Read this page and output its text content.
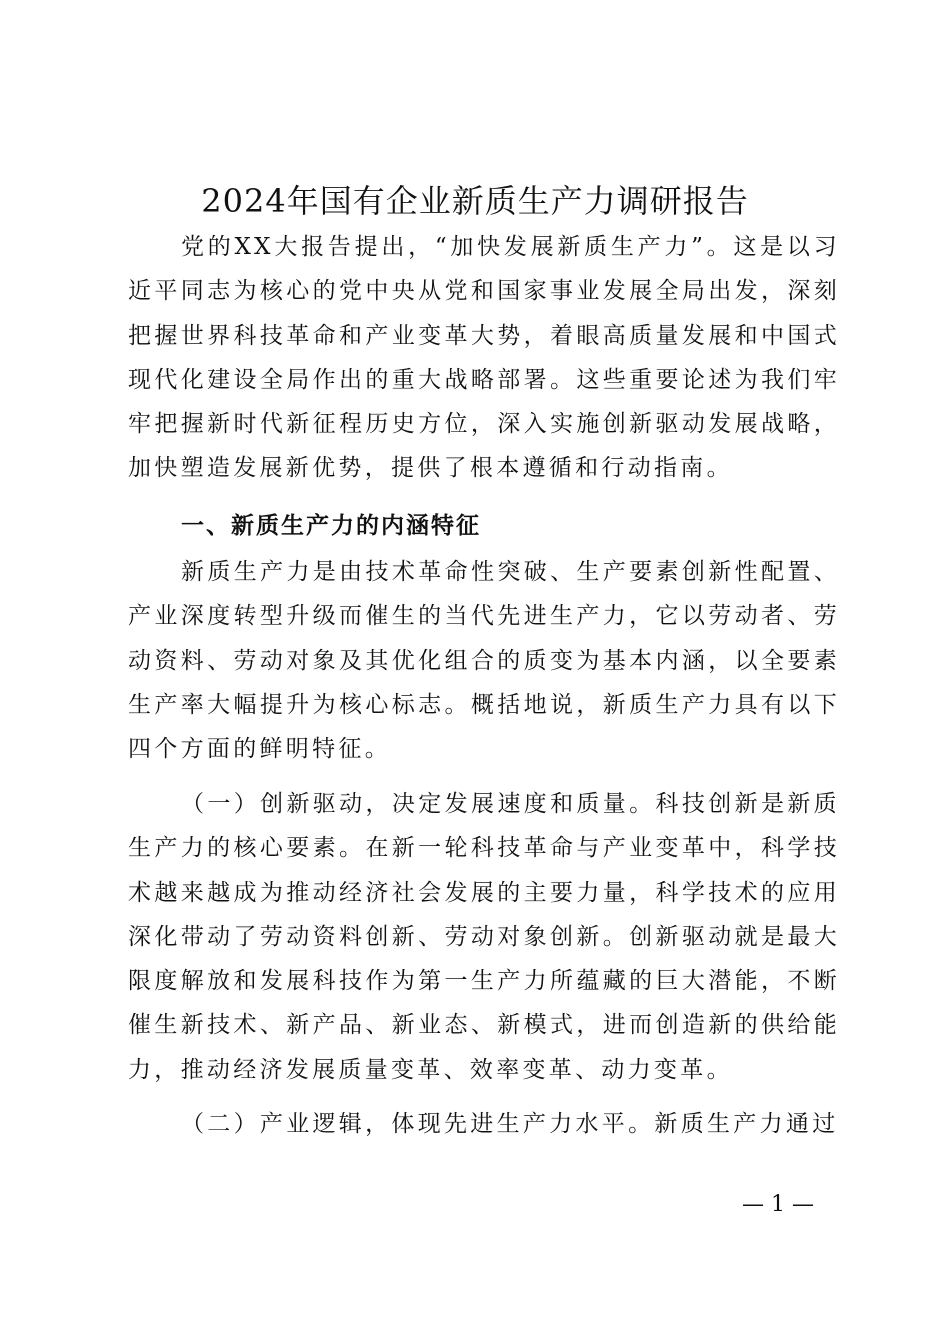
2024年国有企业新质生产力调研报告

党的XX大报告提出，“加快发展新质生产力”。这是以习近平同志为核心的党中央从党和国家事业发展全局出发，深刻把握世界科技革命和产业变革大势，着眼高质量发展和中国式现代化建设全局作出的重大战略部署。这些重要论述为我们牢牢把握新时代新征程历史方位，深入实施创新驱动发展战略，加快塑造发展新优势，提供了根本遵循和行动指南。

一、新质生产力的内涵特征

新质生产力是由技术革命性突破、生产要素创新性配置、产业深度转型升级而催生的当代先进生产力，它以劳动者、劳动资料、劳动对象及其优化组合的质变为基本内涵，以全要素生产率大幅提升为核心标志。概括地说，新质生产力具有以下四个方面的鲜明特征。

（一）创新驱动，决定发展速度和质量。科技创新是新质生产力的核心要素。在新一轮科技革命与产业变革中，科学技术越来越成为推动经济社会发展的主要力量，科学技术的应用深化带动了劳动资料创新、劳动对象创新。创新驱动就是最大限度解放和发展科技作为第一生产力所蕴藏的巨大潜能，不断催生新技术、新产品、新业态、新模式，进而创造新的供给能力，推动经济发展质量变革、效率变革、动力变革。

（二）产业逻辑，体现先进生产力水平。新质生产力通过

— 1 —
